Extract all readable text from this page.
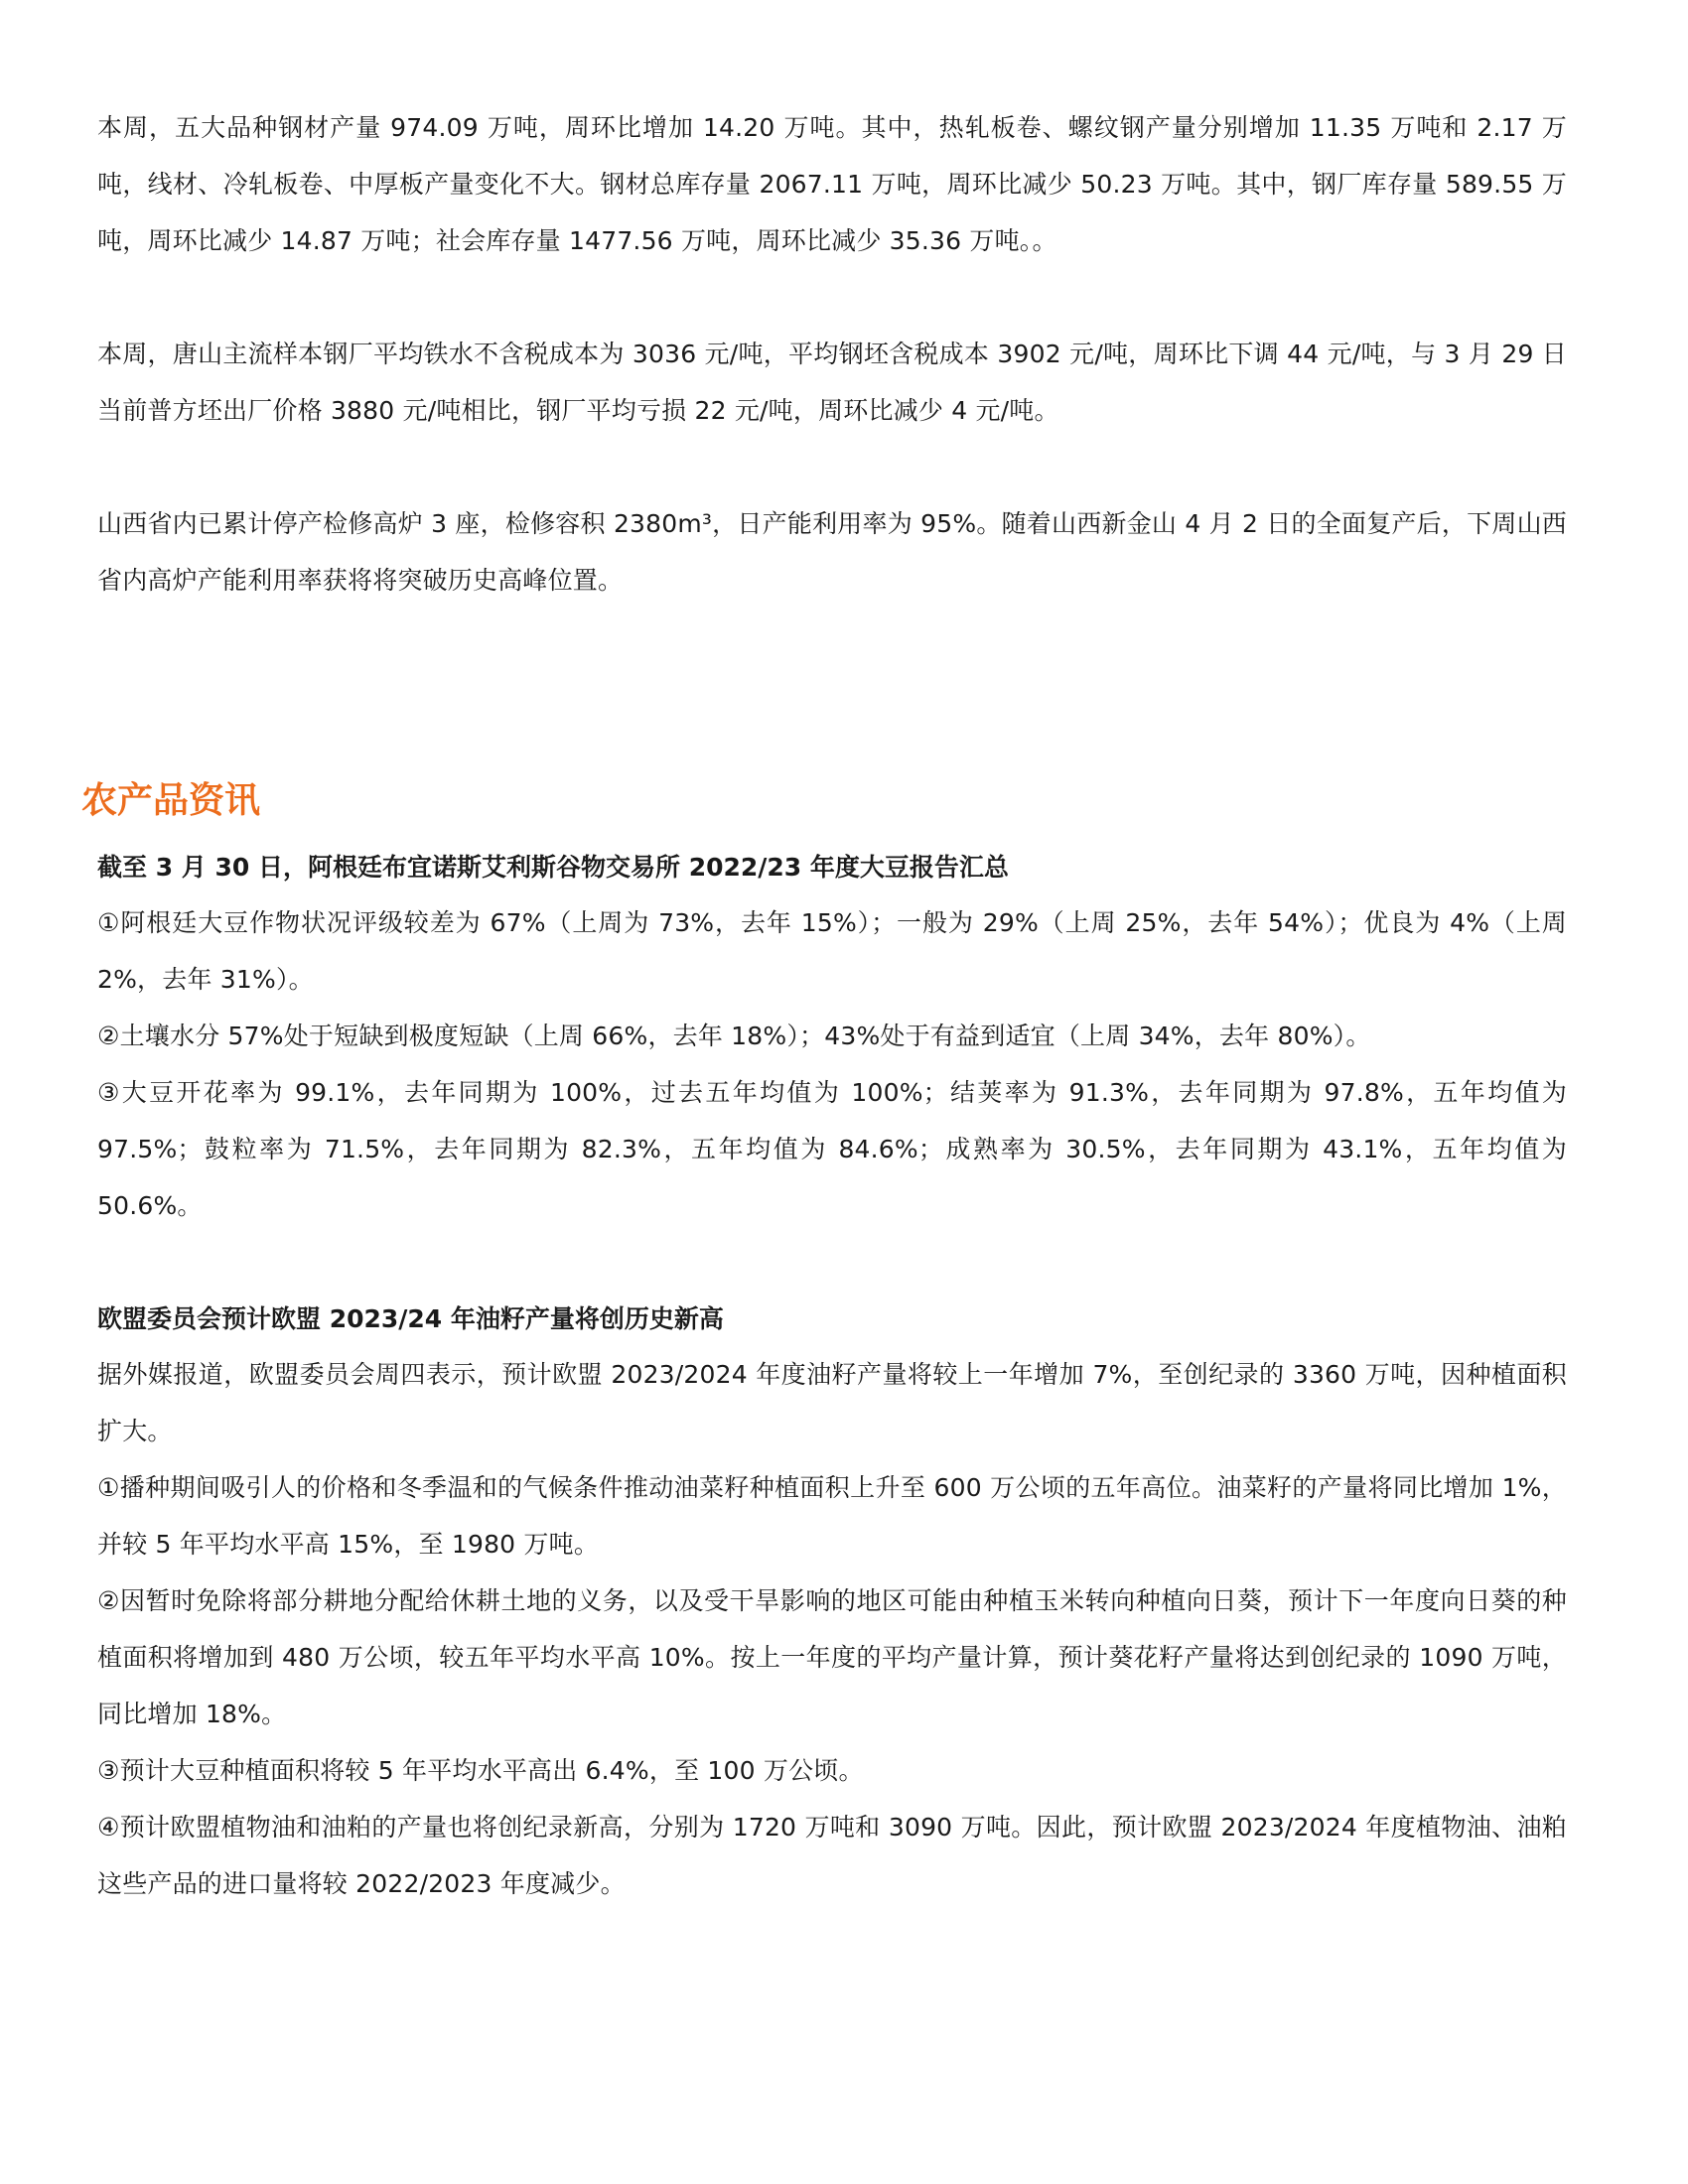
本周，五大品种钢材产量 974.09 万吨，周环比增加 14.20 万吨。其中，热轧板卷、螺纹钢产量分别增加 11.35 万吨和 2.17 万吨，线材、冷轧板卷、中厚板产量变化不大。钢材总库存量 2067.11 万吨，周环比减少 50.23 万吨。其中，钢厂库存量 589.55 万吨，周环比减少 14.87 万吨；社会库存量 1477.56 万吨，周环比减少 35.36 万吨。。

本周，唐山主流样本钢厂平均铁水不含税成本为 3036 元/吨，平均钢坯含税成本 3902 元/吨，周环比下调 44 元/吨，与 3 月 29 日当前普方坯出厂价格 3880 元/吨相比，钢厂平均亏损 22 元/吨，周环比减少 4 元/吨。

山西省内已累计停产检修高炉 3 座，检修容积 2380m³，日产能利用率为 95%。随着山西新金山 4 月 2 日的全面复产后，下周山西省内高炉产能利用率获将将突破历史高峰位置。

农产品资讯

截至 3 月 30 日，阿根廷布宜诺斯艾利斯谷物交易所 2022/23 年度大豆报告汇总

①阿根廷大豆作物状况评级较差为 67%（上周为 73%，去年 15%）；一般为 29%（上周 25%，去年 54%）；优良为 4%（上周 2%，去年 31%）。

②土壤水分 57%处于短缺到极度短缺（上周 66%，去年 18%）；43%处于有益到适宜（上周 34%，去年 80%）。

③大豆开花率为 99.1%，去年同期为 100%，过去五年均值为 100%；结荚率为 91.3%，去年同期为 97.8%，五年均值为 97.5%；鼓粒率为 71.5%，去年同期为 82.3%，五年均值为 84.6%；成熟率为 30.5%，去年同期为 43.1%，五年均值为 50.6%。

欧盟委员会预计欧盟 2023/24 年油籽产量将创历史新高

据外媒报道，欧盟委员会周四表示，预计欧盟 2023/2024 年度油籽产量将较上一年增加 7%，至创纪录的 3360 万吨，因种植面积扩大。

①播种期间吸引人的价格和冬季温和的气候条件推动油菜籽种植面积上升至 600 万公顷的五年高位。油菜籽的产量将同比增加 1%，并较 5 年平均水平高 15%，至 1980 万吨。

②因暂时免除将部分耕地分配给休耕土地的义务，以及受干旱影响的地区可能由种植玉米转向种植向日葵，预计下一年度向日葵的种植面积将增加到 480 万公顷，较五年平均水平高 10%。按上一年度的平均产量计算，预计葵花籽产量将达到创纪录的 1090 万吨，同比增加 18%。

③预计大豆种植面积将较 5 年平均水平高出 6.4%，至 100 万公顷。

④预计欧盟植物油和油粕的产量也将创纪录新高，分别为 1720 万吨和 3090 万吨。因此，预计欧盟 2023/2024 年度植物油、油粕这些产品的进口量将较 2022/2023 年度减少。
